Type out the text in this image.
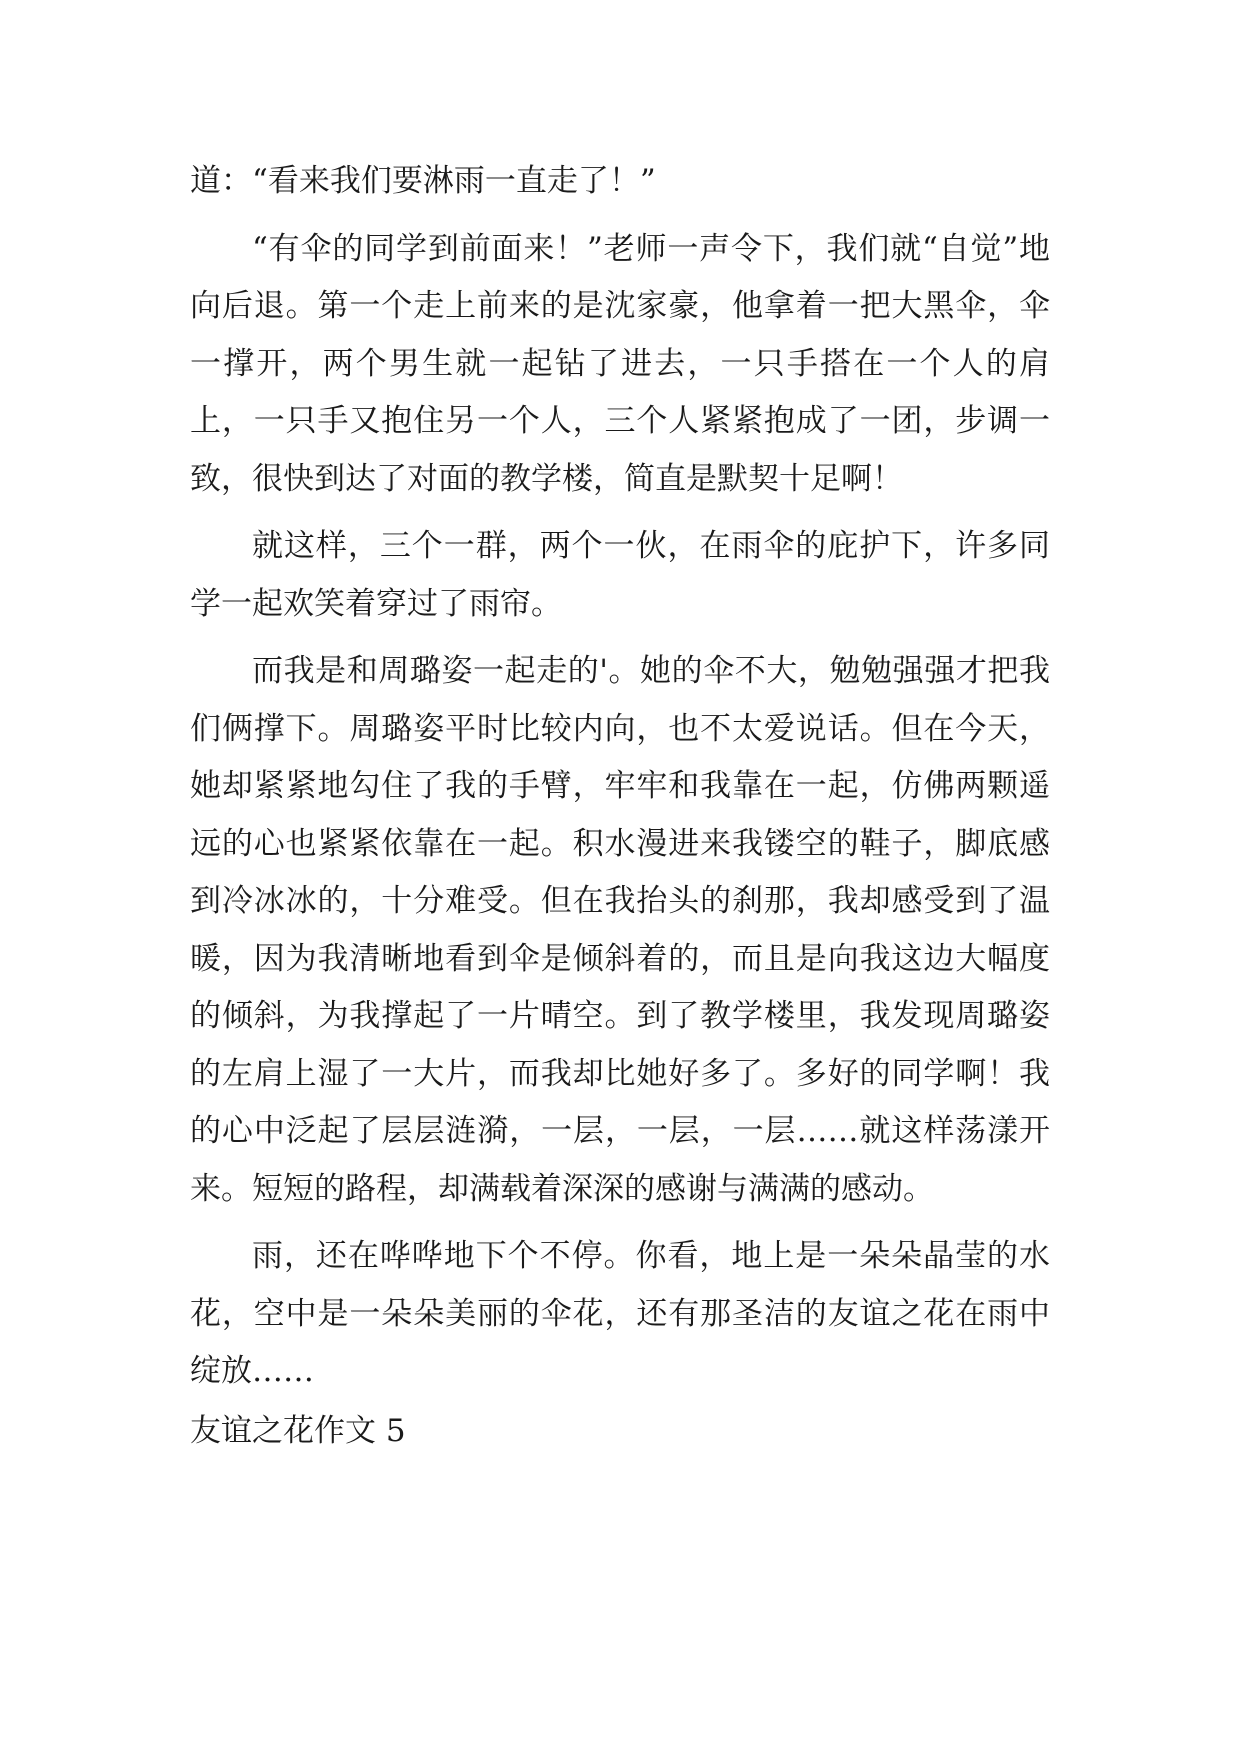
道：“看来我们要淋雨一直走了！”

“有伞的同学到前面来！”老师一声令下，我们就“自觉”地向后退。第一个走上前来的是沈家豪，他拿着一把大黑伞，伞一撑开，两个男生就一起钻了进去，一只手搭在一个人的肩上，一只手又抱住另一个人，三个人紧紧抱成了一团，步调一致，很快到达了对面的教学楼，简直是默契十足啊！

就这样，三个一群，两个一伙，在雨伞的庇护下，许多同学一起欢笑着穿过了雨帘。

而我是和周璐姿一起走的'。她的伞不大，勉勉强强才把我们俩撑下。周璐姿平时比较内向，也不太爱说话。但在今天，她却紧紧地勾住了我的手臂，牢牢和我靠在一起，仿佛两颗遥远的心也紧紧依靠在一起。积水漫进来我镂空的鞋子，脚底感到冷冰冰的，十分难受。但在我抬头的刹那，我却感受到了温暖，因为我清晰地看到伞是倾斜着的，而且是向我这边大幅度的倾斜，为我撑起了一片晴空。到了教学楼里，我发现周璐姿的左肩上湿了一大片，而我却比她好多了。多好的同学啊！我的心中泛起了层层涟漪，一层，一层，一层……就这样荡漾开来。短短的路程，却满载着深深的感谢与满满的感动。

雨，还在哗哗地下个不停。你看，地上是一朵朵晶莹的水花，空中是一朵朵美丽的伞花，还有那圣洁的友谊之花在雨中绽放……

友谊之花作文 5
